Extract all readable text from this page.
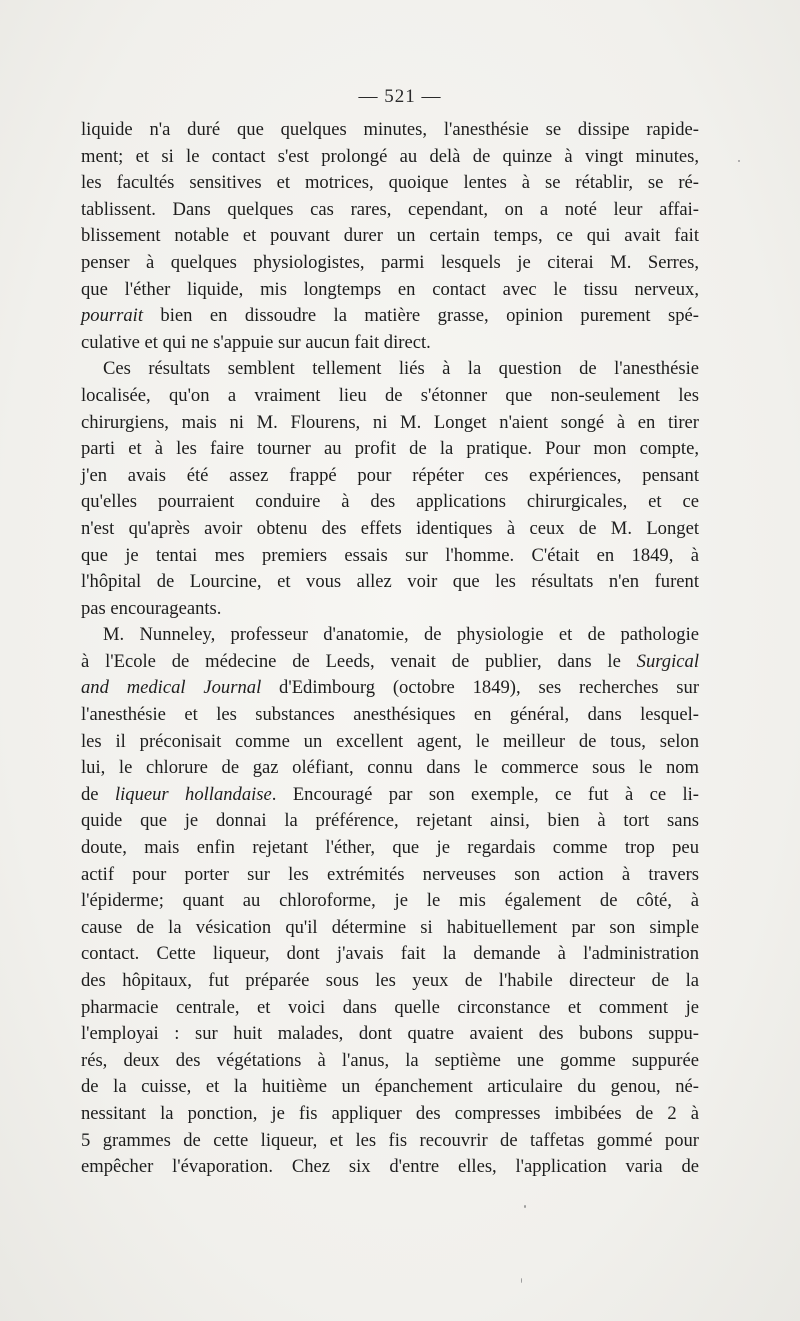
— 521 —
liquide n'a duré que quelques minutes, l'anesthésie se dissipe rapide-
ment; et si le contact s'est prolongé au delà de quinze à vingt minutes,
les facultés sensitives et motrices, quoique lentes à se rétablir, se ré-
tablissent. Dans quelques cas rares, cependant, on a noté leur affai-
blissement notable et pouvant durer un certain temps, ce qui avait fait
penser à quelques physiologistes, parmi lesquels je citerai M. Serres,
que l'éther liquide, mis longtemps en contact avec le tissu nerveux,
pourrait bien en dissoudre la matière grasse, opinion purement spé-
culative et qui ne s'appuie sur aucun fait direct.
Ces résultats semblent tellement liés à la question de l'anesthésie
localisée, qu'on a vraiment lieu de s'étonner que non-seulement les
chirurgiens, mais ni M. Flourens, ni M. Longet n'aient songé à en tirer
parti et à les faire tourner au profit de la pratique. Pour mon compte,
j'en avais été assez frappé pour répéter ces expériences, pensant
qu'elles pourraient conduire à des applications chirurgicales, et ce
n'est qu'après avoir obtenu des effets identiques à ceux de M. Longet
que je tentai mes premiers essais sur l'homme. C'était en 1849, à
l'hôpital de Lourcine, et vous allez voir que les résultats n'en furent
pas encourageants.
M. Nunneley, professeur d'anatomie, de physiologie et de pathologie
à l'Ecole de médecine de Leeds, venait de publier, dans le Surgical
and medical Journal d'Edimbourg (octobre 1849), ses recherches sur
l'anesthésie et les substances anesthésiques en général, dans lesquel-
les il préconisait comme un excellent agent, le meilleur de tous, selon
lui, le chlorure de gaz oléfiant, connu dans le commerce sous le nom
de liqueur hollandaise. Encouragé par son exemple, ce fut à ce li-
quide que je donnai la préférence, rejetant ainsi, bien à tort sans
doute, mais enfin rejetant l'éther, que je regardais comme trop peu
actif pour porter sur les extrémités nerveuses son action à travers
l'épiderme; quant au chloroforme, je le mis également de côté, à
cause de la vésication qu'il détermine si habituellement par son simple
contact. Cette liqueur, dont j'avais fait la demande à l'administration
des hôpitaux, fut préparée sous les yeux de l'habile directeur de la
pharmacie centrale, et voici dans quelle circonstance et comment je
l'employai : sur huit malades, dont quatre avaient des bubons suppu-
rés, deux des végétations à l'anus, la septième une gomme suppurée
de la cuisse, et la huitième un épanchement articulaire du genou, né-
nessitant la ponction, je fis appliquer des compresses imbibées de 2 à
5 grammes de cette liqueur, et les fis recouvrir de taffetas gommé pour
empêcher l'évaporation. Chez six d'entre elles, l'application varia de
